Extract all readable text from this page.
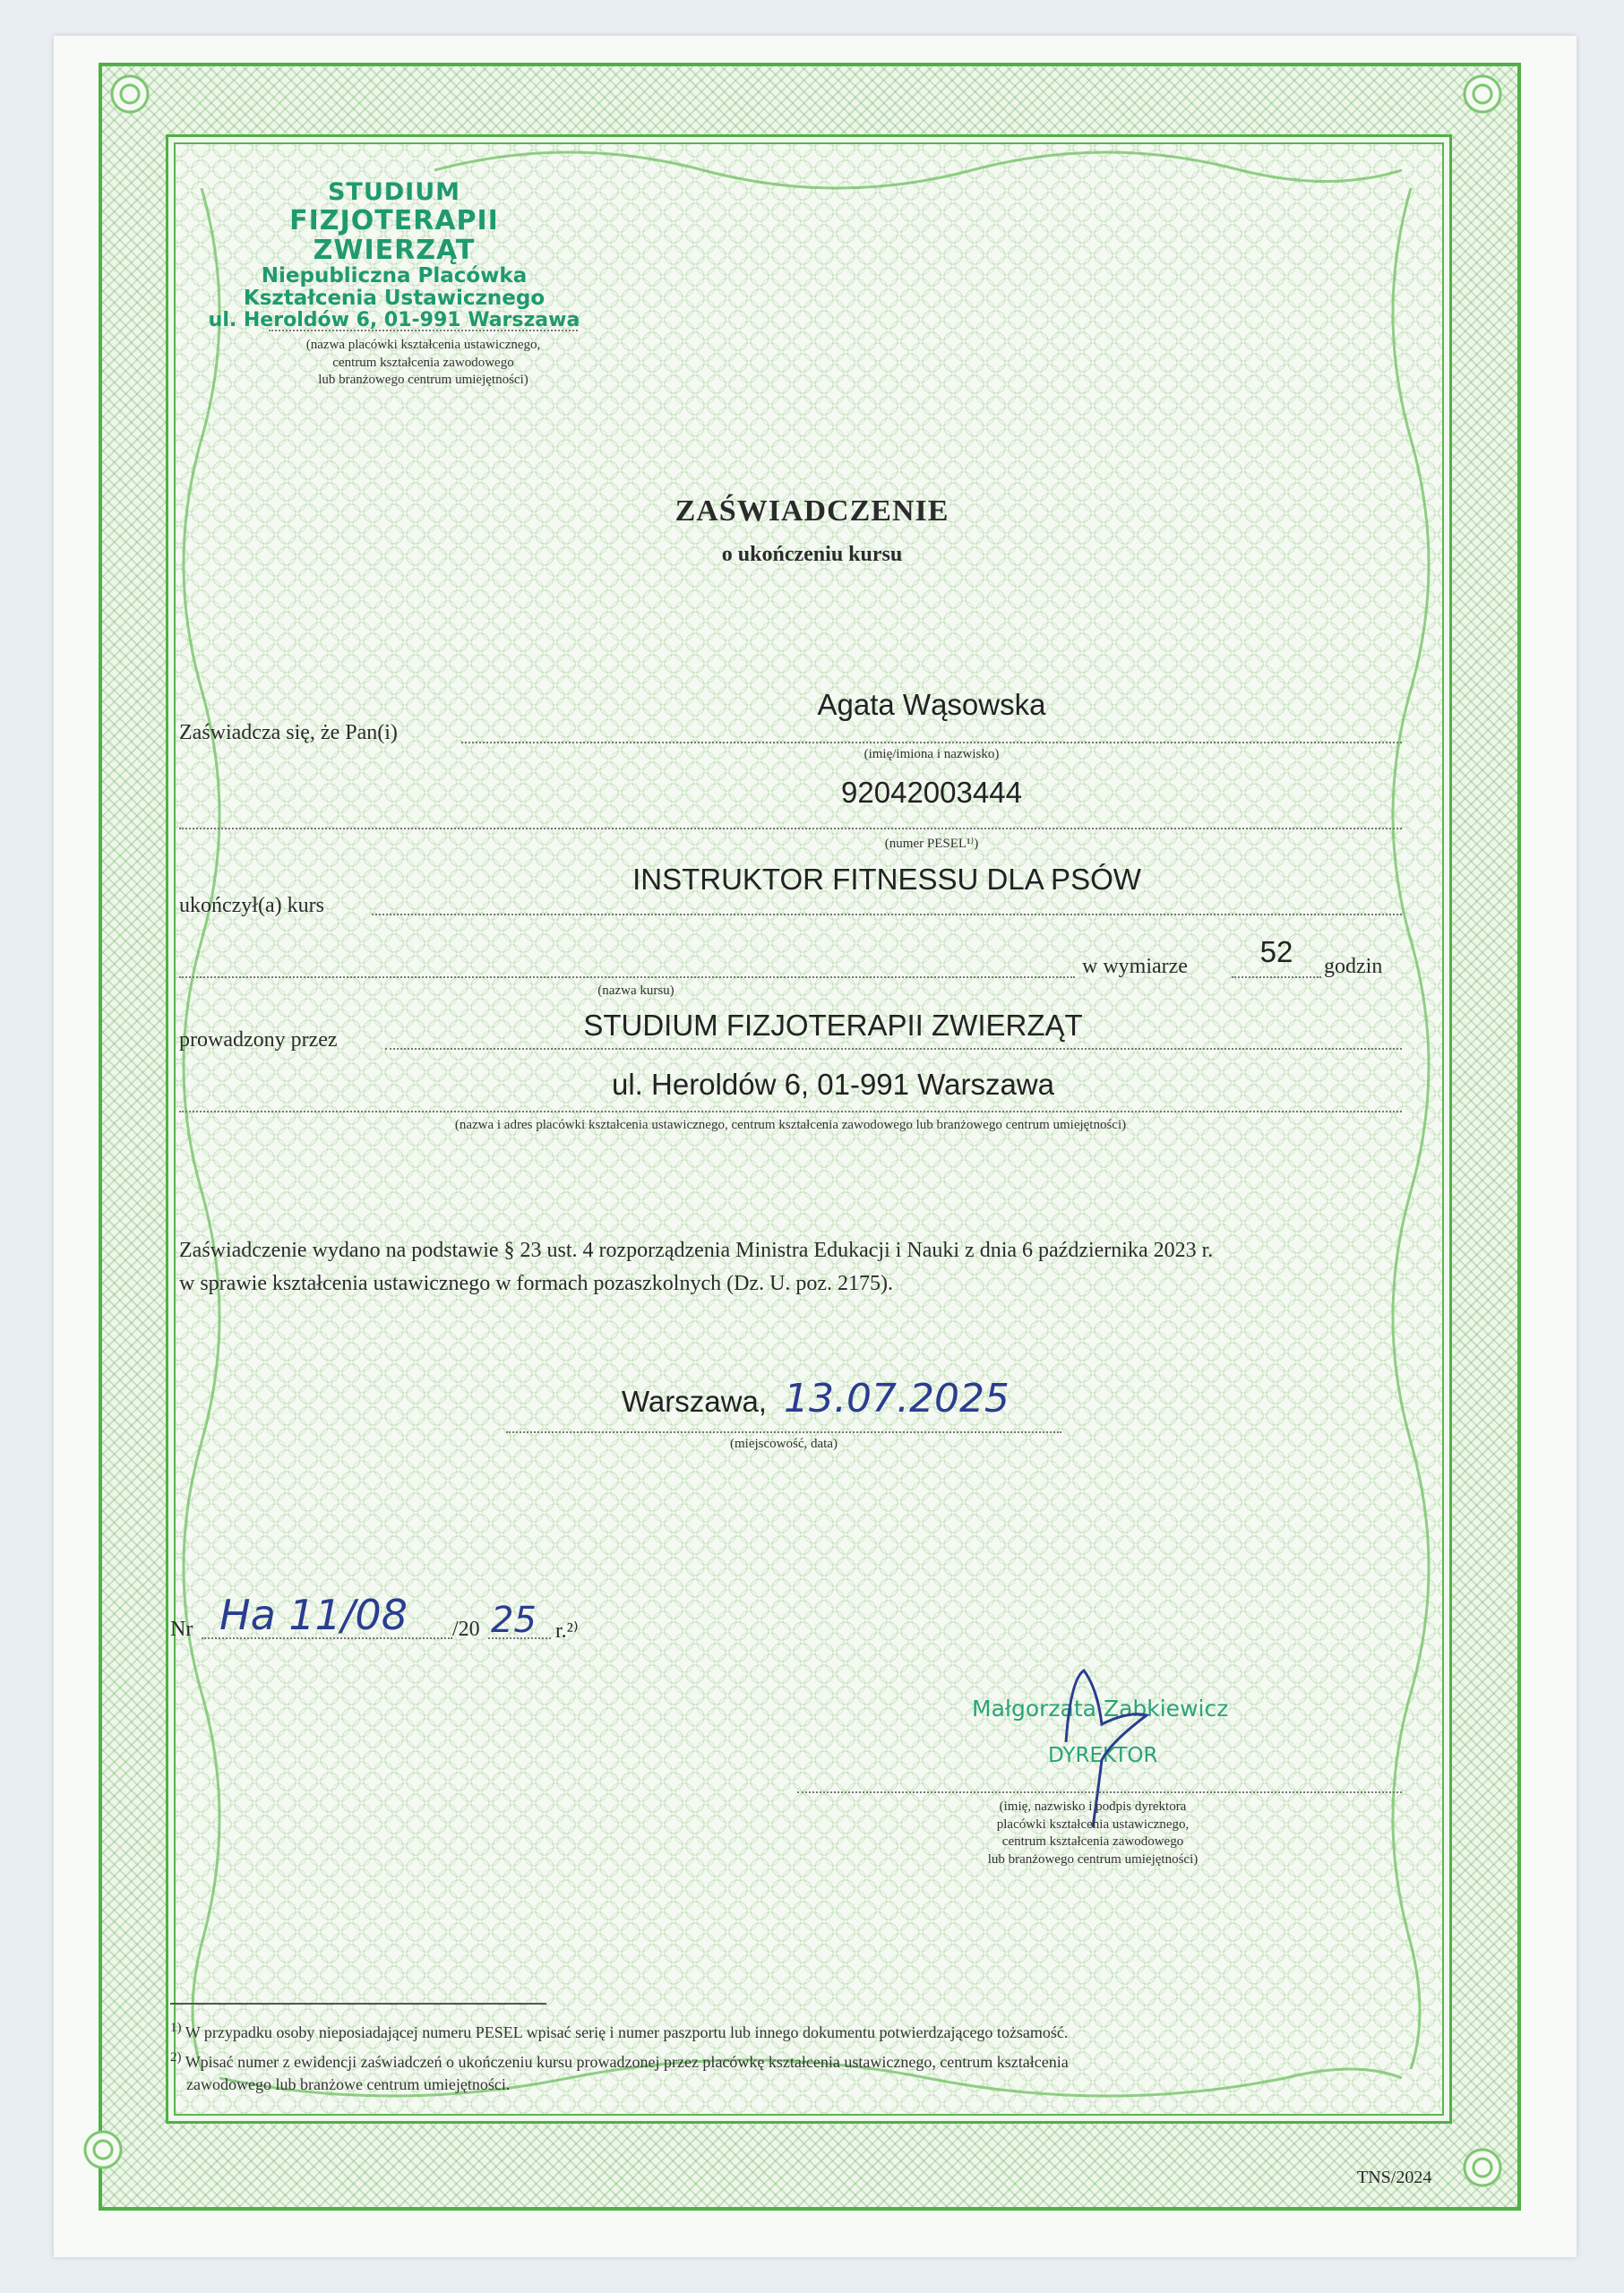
STUDIUM
FIZJOTERAPII ZWIERZĄT
Niepubliczna Placówka
Kształcenia Ustawicznego
ul. Heroldów 6, 01-991 Warszawa
(nazwa placówki kształcenia ustawicznego,
centrum kształcenia zawodowego
lub branżowego centrum umiejętności)
ZAŚWIADCZENIE
o ukończeniu kursu
Zaświadcza się, że Pan(i)
Agata Wąsowska
(imię/imiona i nazwisko)
92042003444
(numer PESEL¹⁾)
ukończył(a) kurs
INSTRUKTOR FITNESSU DLA PSÓW
w wymiarze	52	godzin
(nazwa kursu)
prowadzony przez	STUDIUM FIZJOTERAPII ZWIERZĄT
ul. Heroldów 6, 01-991 Warszawa
(nazwa i adres placówki kształcenia ustawicznego, centrum kształcenia zawodowego lub branżowego centrum umiejętności)
Zaświadczenie wydano na podstawie § 23 ust. 4 rozporządzenia Ministra Edukacji i Nauki z dnia 6 października 2023 r.
w sprawie kształcenia ustawicznego w formach pozaszkolnych (Dz. U. poz. 2175).
Warszawa, 13.07.2025
(miejscowość, data)
Nr Ha 11/08 /20 25 r.²⁾
Małgorzata Zabkiewicz
DYREKTOR
(imię, nazwisko i podpis dyrektora
placówki kształcenia ustawicznego,
centrum kształcenia zawodowego
lub branżowego centrum umiejętności)
$^{1)}$ W przypadku osoby nieposiadającej numeru PESEL wpisać serię i numer paszportu lub innego dokumentu potwierdzającego tożsamość.
$^{2)}$ Wpisać numer z ewidencji zaświadczeń o ukończeniu kursu prowadzonej przez placówkę kształcenia ustawicznego, centrum kształcenia
zawodowego lub branżowe centrum umiejętności.
TNS/2024
